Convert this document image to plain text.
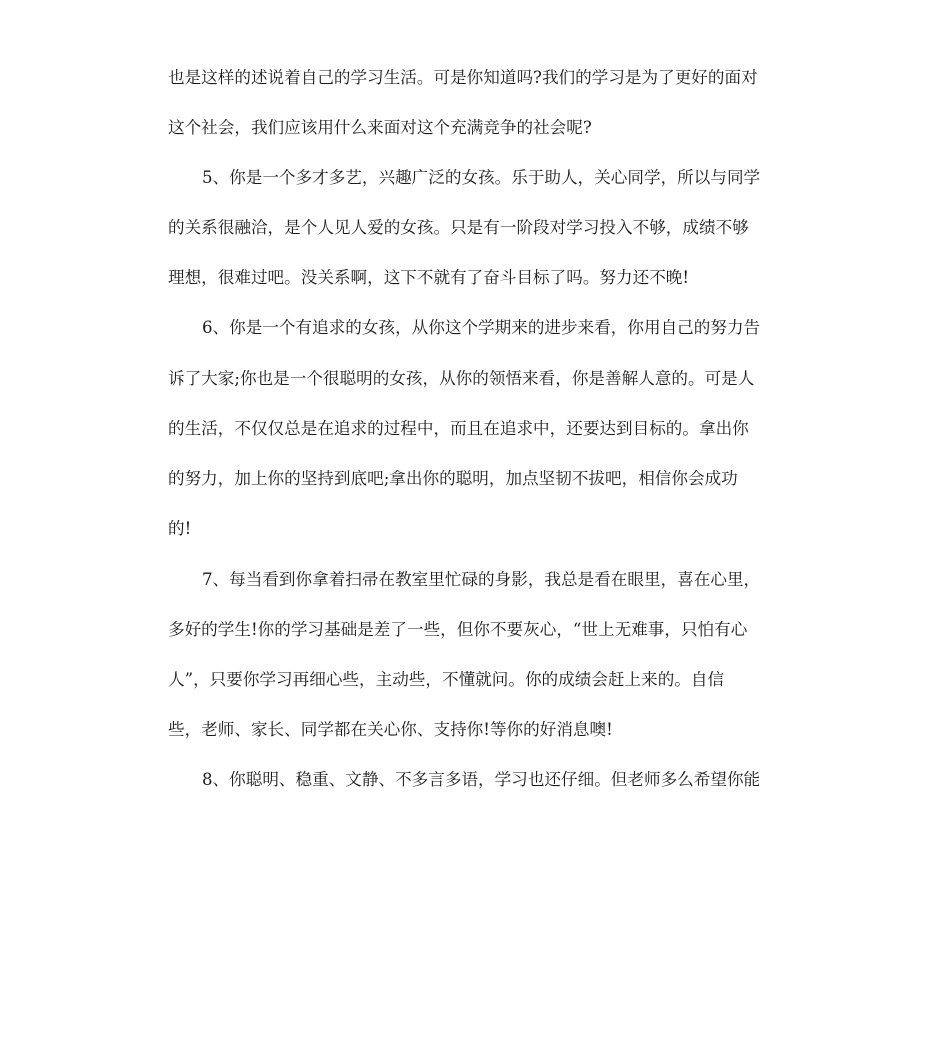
也是这样的述说着自己的学习生活。可是你知道吗?我们的学习是为了更好的面对

这个社会，我们应该用什么来面对这个充满竞争的社会呢?

5、你是一个多才多艺，兴趣广泛的女孩。乐于助人，关心同学，所以与同学

的关系很融洽，是个人见人爱的女孩。只是有一阶段对学习投入不够，成绩不够

理想，很难过吧。没关系啊，这下不就有了奋斗目标了吗。努力还不晚!

6、你是一个有追求的女孩，从你这个学期来的进步来看，你用自己的努力告

诉了大家;你也是一个很聪明的女孩，从你的领悟来看，你是善解人意的。可是人

的生活，不仅仅总是在追求的过程中，而且在追求中，还要达到目标的。拿出你

的努力，加上你的坚持到底吧;拿出你的聪明，加点坚韧不拔吧，相信你会成功

的!

7、每当看到你拿着扫帚在教室里忙碌的身影，我总是看在眼里，喜在心里，

多好的学生!你的学习基础是差了一些，但你不要灰心，“世上无难事，只怕有心

人”，只要你学习再细心些，主动些，不懂就问。你的成绩会赶上来的。自信

些，老师、家长、同学都在关心你、支持你!等你的好消息噢!

8、你聪明、稳重、文静、不多言多语，学习也还仔细。但老师多么希望你能
